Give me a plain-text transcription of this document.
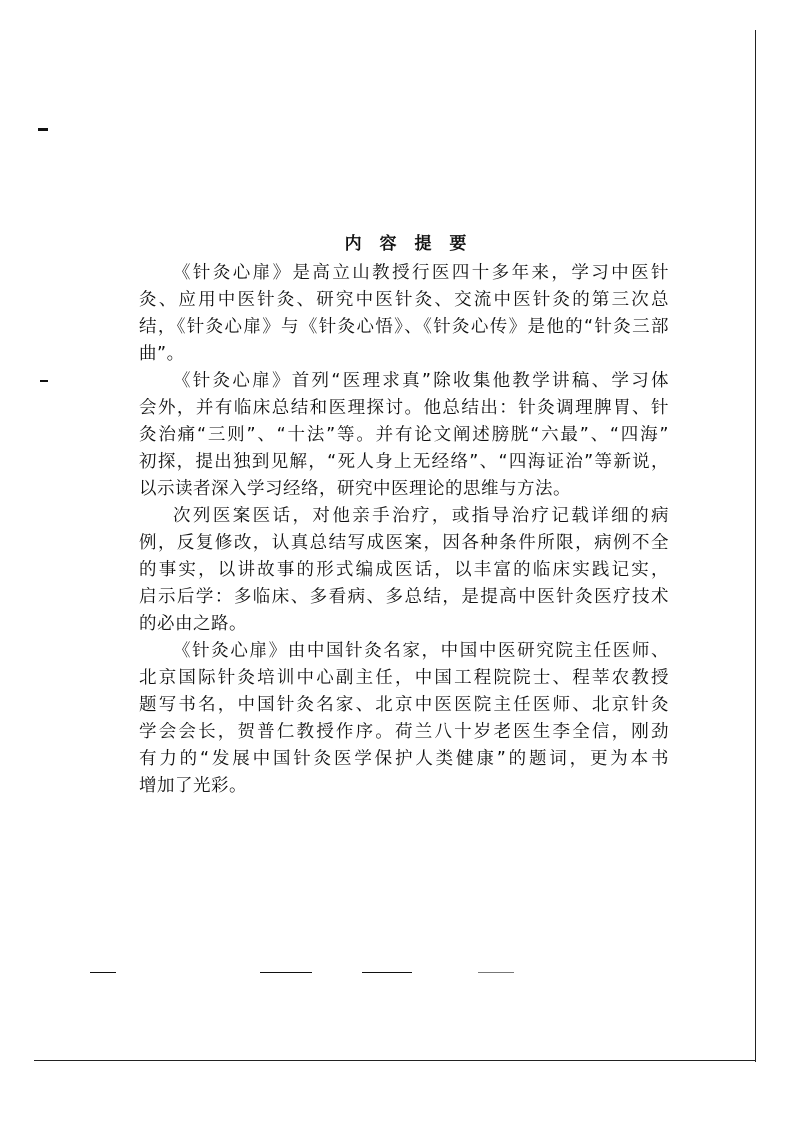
内 容 提 要
《针灸心扉》是高立山教授行医四十多年来，学习中医针
灸、应用中医针灸、研究中医针灸、交流中医针灸的第三次总
结，《针灸心扉》与《针灸心悟》、《针灸心传》是他的“针灸三部
曲”。
《针灸心扉》首列“医理求真”除收集他教学讲稿、学习体
会外，并有临床总结和医理探讨。他总结出：针灸调理脾胃、针
灸治痛“三则”、“十法”等。并有论文阐述膀胱“六最”、“四海”
初探，提出独到见解，“死人身上无经络”、“四海证治”等新说，
以示读者深入学习经络，研究中医理论的思维与方法。
次列医案医话，对他亲手治疗，或指导治疗记载详细的病
例，反复修改，认真总结写成医案，因各种条件所限，病例不全
的事实，以讲故事的形式编成医话，以丰富的临床实践记实，
启示后学：多临床、多看病、多总结，是提高中医针灸医疗技术
的必由之路。
《针灸心扉》由中国针灸名家，中国中医研究院主任医师、
北京国际针灸培训中心副主任，中国工程院院士、程莘农教授
题写书名，中国针灸名家、北京中医医院主任医师、北京针灸
学会会长，贺普仁教授作序。荷兰八十岁老医生李全信，刚劲
有力的“发展中国针灸医学保护人类健康”的题词，更为本书
增加了光彩。
